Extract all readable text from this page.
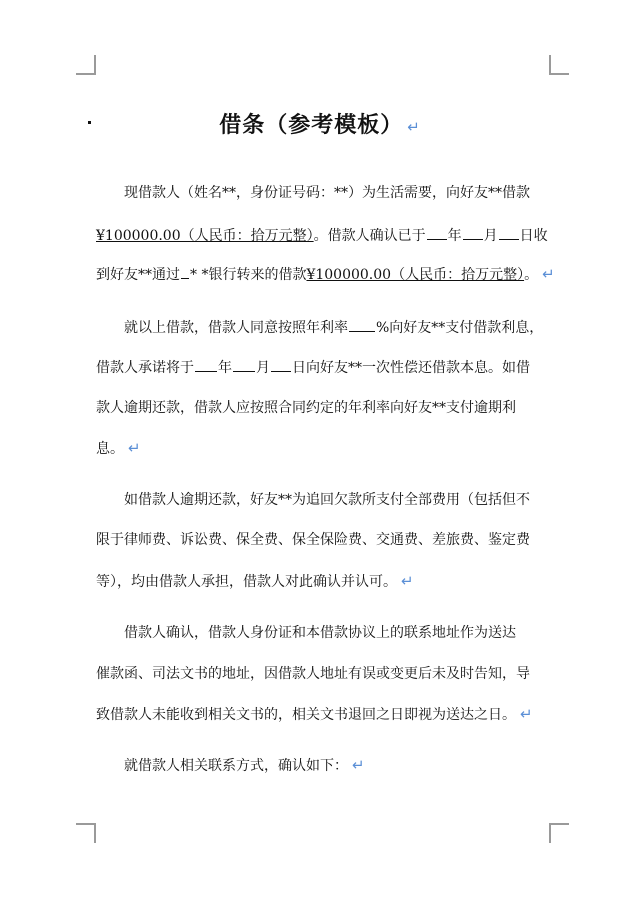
借条（参考模板） ↵
现借款人（姓名**，身份证号码：**）为生活需要，向好友**借款
¥100000.00（人民币：拾万元整）。借款人确认已于 年 月 日收
到好友**通过 * *银行转来的借款¥100000.00（人民币：拾万元整）。 ↵
就以上借款，借款人同意按照年利率 %向好友**支付借款利息，
借款人承诺将于 年 月 日向好友**一次性偿还借款本息。如借
款人逾期还款，借款人应按照合同约定的年利率向好友**支付逾期利
息。 ↵
如借款人逾期还款，好友**为追回欠款所支付全部费用（包括但不
限于律师费、诉讼费、保全费、保全保险费、交通费、差旅费、鉴定费
等），均由借款人承担，借款人对此确认并认可。 ↵
借款人确认，借款人身份证和本借款协议上的联系地址作为送达
催款函、司法文书的地址，因借款人地址有误或变更后未及时告知，导
致借款人未能收到相关文书的，相关文书退回之日即视为送达之日。 ↵
就借款人相关联系方式，确认如下： ↵
